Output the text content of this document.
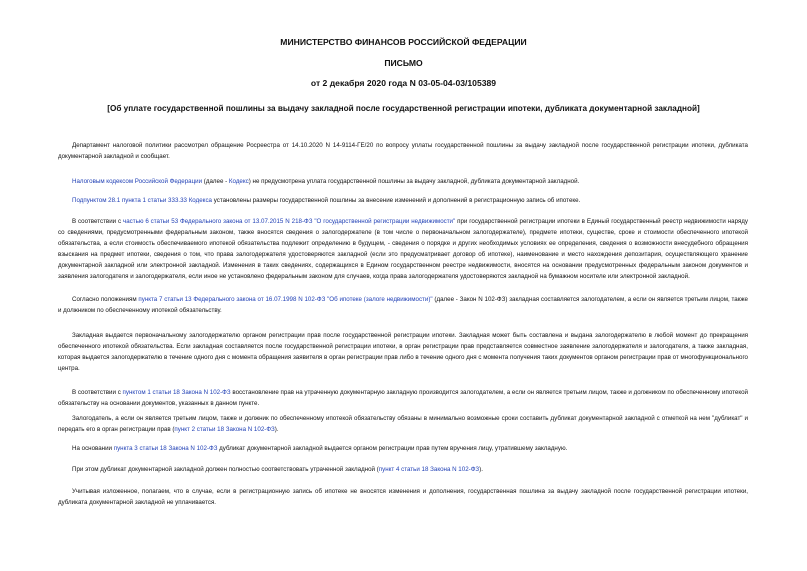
МИНИСТЕРСТВО ФИНАНСОВ РОССИЙСКОЙ ФЕДЕРАЦИИ
ПИСЬМО
от 2 декабря 2020 года N 03-05-04-03/105389
[Об уплате государственной пошлины за выдачу закладной после государственной регистрации ипотеки, дубликата документарной закладной]
Департамент налоговой политики рассмотрел обращение Росреестра от 14.10.2020 N 14-9114-ГЕ/20 по вопросу уплаты государственной пошлины за выдачу закладной после государственной регистрации ипотеки, дубликата документарной закладной и сообщает.
Налоговым кодексом Российской Федерации (далее - Кодекс) не предусмотрена уплата государственной пошлины за выдачу закладной, дубликата документарной закладной.
Подпунктом 28.1 пункта 1 статьи 333.33 Кодекса установлены размеры государственной пошлины за внесение изменений и дополнений в регистрационную запись об ипотеке.
В соответствии с частью 6 статьи 53 Федерального закона от 13.07.2015 N 218-ФЗ "О государственной регистрации недвижимости" при государственной регистрации ипотеки в Единый государственный реестр недвижимости наряду со сведениями, предусмотренными федеральным законом, также вносятся сведения о залогодержателе (в том числе о первоначальном залогодержателе), предмете ипотеки, существе, сроке и стоимости обеспеченного ипотекой обязательства, а если стоимость обеспечиваемого ипотекой обязательства подлежит определению в будущем, - сведения о порядке и других необходимых условиях ее определения, сведения о возможности внесудебного обращения взыскания на предмет ипотеки, сведения о том, что права залогодержателя удостоверяются закладной (если это предусматривает договор об ипотеке), наименование и место нахождения депозитария, осуществляющего хранение документарной закладной или электронной закладной. Изменения в таких сведениях, содержащихся в Едином государственном реестре недвижимости, вносятся на основании предусмотренных федеральным законом документов и заявления залогодателя и залогодержателя, если иное не установлено федеральным законом для случаев, когда права залогодержателя удостоверяются закладной на бумажном носителе или электронной закладной.
Согласно положениям пункта 7 статьи 13 Федерального закона от 16.07.1998 N 102-ФЗ "Об ипотеке (залоге недвижимости)" (далее - Закон N 102-ФЗ) закладная составляется залогодателем, а если он является третьим лицом, также и должником по обеспеченному ипотекой обязательству.
Закладная выдается первоначальному залогодержателю органом регистрации прав после государственной регистрации ипотеки. Закладная может быть составлена и выдана залогодержателю в любой момент до прекращения обеспеченного ипотекой обязательства. Если закладная составляется после государственной регистрации ипотеки, в орган регистрации прав представляется совместное заявление залогодержателя и залогодателя, а также закладная, которая выдается залогодержателю в течение одного дня с момента обращения заявителя в орган регистрации прав либо в течение одного дня с момента получения таких документов органом регистрации прав от многофункционального центра.
В соответствии с пунктом 1 статьи 18 Закона N 102-ФЗ восстановление прав на утраченную документарную закладную производится залогодателем, а если он является третьим лицом, также и должником по обеспеченному ипотекой обязательству на основании документов, указанных в данном пункте.
Залогодатель, а если он является третьим лицом, также и должник по обеспеченному ипотекой обязательству обязаны в минимально возможные сроки составить дубликат документарной закладной с отметкой на нем "дубликат" и передать его в орган регистрации прав (пункт 2 статьи 18 Закона N 102-ФЗ).
На основании пункта 3 статьи 18 Закона N 102-ФЗ дубликат документарной закладной выдается органом регистрации прав путем вручения лицу, утратившему закладную.
При этом дубликат документарной закладной должен полностью соответствовать утраченной закладной (пункт 4 статьи 18 Закона N 102-ФЗ).
Учитывая изложенное, полагаем, что в случае, если в регистрационную запись об ипотеке не вносятся изменения и дополнения, государственная пошлина за выдачу закладной после государственной регистрации ипотеки, дубликата документарной закладной не уплачивается.
